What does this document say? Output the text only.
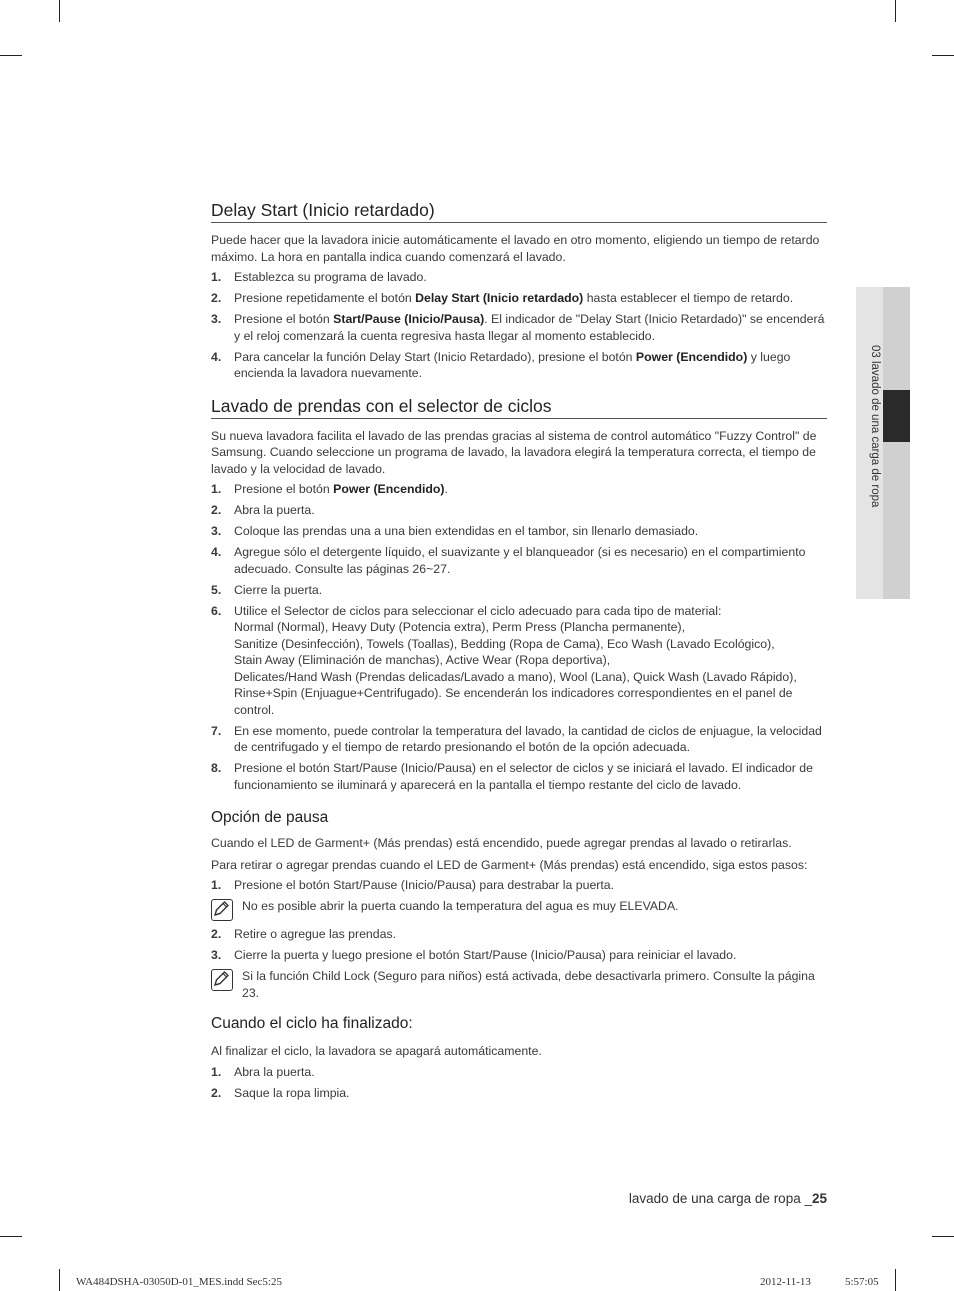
03 lavado de una carga de ropa
Delay Start (Inicio retardado)
Puede hacer que la lavadora inicie automáticamente el lavado en otro momento, eligiendo un tiempo de retardo máximo. La hora en pantalla indica cuando comenzará el lavado.
1.	Establezca su programa de lavado.
2.	Presione repetidamente el botón Delay Start (Inicio retardado) hasta establecer el tiempo de retardo.
3.	Presione el botón Start/Pause (Inicio/Pausa). El indicador de "Delay Start (Inicio Retardado)" se encenderá y el reloj comenzará la cuenta regresiva hasta llegar al momento establecido.
4.	Para cancelar la función Delay Start (Inicio Retardado), presione el botón Power (Encendido) y luego encienda la lavadora nuevamente.
Lavado de prendas con el selector de ciclos
Su nueva lavadora facilita el lavado de las prendas gracias al sistema de control automático "Fuzzy Control" de Samsung. Cuando seleccione un programa de lavado, la lavadora elegirá la temperatura correcta, el tiempo de lavado y la velocidad de lavado.
1.	Presione el botón Power (Encendido).
2.	Abra la puerta.
3.	Coloque las prendas una a una bien extendidas en el tambor, sin llenarlo demasiado.
4.	Agregue sólo el detergente líquido, el suavizante y el blanqueador (si es necesario) en el compartimiento adecuado. Consulte las páginas 26~27.
5.	Cierre la puerta.
6.	Utilice el Selector de ciclos para seleccionar el ciclo adecuado para cada tipo de material:
Normal (Normal), Heavy Duty (Potencia extra), Perm Press (Plancha permanente),
Sanitize (Desinfección), Towels (Toallas), Bedding (Ropa de Cama), Eco Wash (Lavado Ecológico),
Stain Away (Eliminación de manchas), Active Wear (Ropa deportiva),
Delicates/Hand Wash (Prendas delicadas/Lavado a mano), Wool (Lana), Quick Wash (Lavado Rápido), Rinse+Spin (Enjuague+Centrifugado). Se encenderán los indicadores correspondientes en el panel de control.
7.	En ese momento, puede controlar la temperatura del lavado, la cantidad de ciclos de enjuague, la velocidad de centrifugado y el tiempo de retardo presionando el botón de la opción adecuada.
8.	Presione el botón Start/Pause (Inicio/Pausa) en el selector de ciclos y se iniciará el lavado. El indicador de funcionamiento se iluminará y aparecerá en la pantalla el tiempo restante del ciclo de lavado.
Opción de pausa
Cuando el LED de Garment+ (Más prendas) está encendido, puede agregar prendas al lavado o retirarlas.
Para retirar o agregar prendas cuando el LED de Garment+ (Más prendas) está encendido, siga estos pasos:
1.	Presione el botón Start/Pause (Inicio/Pausa) para destrabar la puerta.
No es posible abrir la puerta cuando la temperatura del agua es muy ELEVADA.
2.	Retire o agregue las prendas.
3.	Cierre la puerta y luego presione el botón Start/Pause (Inicio/Pausa) para reiniciar el lavado.
Si la función Child Lock (Seguro para niños) está activada, debe desactivarla primero. Consulte la página 23.
Cuando el ciclo ha finalizado:
Al finalizar el ciclo, la lavadora se apagará automáticamente.
1.	Abra la puerta.
2.	Saque la ropa limpia.
lavado de una carga de ropa _25
WA484DSHA-03050D-01_MES.indd Sec5:25	2012-11-13	5:57:05
